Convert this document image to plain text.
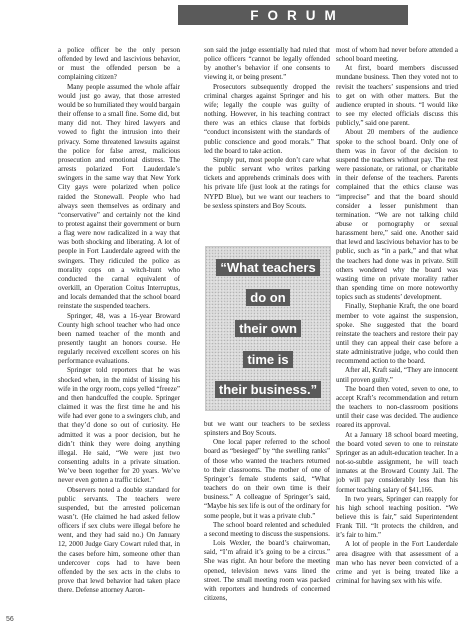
FORUM

a police officer be the only person offended by lewd and lascivious behavior, or must the offended person be a complaining citizen?

Many people assumed the whole affair would just go away, that those arrested would be so humiliated they would bargain their offense to a small fine. Some did, but many did not. They hired lawyers and vowed to fight the intrusion into their privacy. Some threatened lawsuits against the police for false arrest, malicious prosecution and emotional distress. The arrests polarized Fort Lauderdale’s swingers in the same way that New York City gays were polarized when police raided the Stonewall. People who had always seen themselves as ordinary and “conservative” and certainly not the kind to protest against their government or burn a flag were now radicalized in a way that was both shocking and liberating. A lot of people in Fort Lauderdale agreed with the swingers. They ridiculed the police as morality cops on a witch-hunt who conducted the carnal equivalent of overkill, an Operation Coitus Interruptus, and locals demanded that the school board reinstate the suspended teachers.

Springer, 48, was a 16-year Broward County high school teacher who had once been named teacher of the month and presently taught an honors course. He regularly received excellent scores on his performance evaluations.

Springer told reporters that he was shocked when, in the midst of kissing his wife in the orgy room, cops yelled “freeze” and then handcuffed the couple. Springer claimed it was the first time he and his wife had ever gone to a swingers club, and that they’d done so out of curiosity. He admitted it was a poor decision, but he didn’t think they were doing anything illegal. He said, “We were just two consenting adults in a private situation. We’ve been together for 20 years. We’ve never even gotten a traffic ticket.”

Observers noted a double standard for public servants. The teachers were suspended, but the arrested policeman wasn’t. (He claimed he had asked fellow officers if sex clubs were illegal before he went, and they had said no.) On January 12, 2000 Judge Gary Cowart ruled that, in the cases before him, someone other than undercover cops had to have been offended by the sex acts in the clubs to prove that lewd behavior had taken place there. Defense attorney Aaron-

son said the judge essentially had ruled that police officers “cannot be legally offended by another’s behavior if one consents to viewing it, or being present.”

Prosecutors subsequently dropped the criminal charges against Springer and his wife; legally the couple was guilty of nothing. However, in his teaching contract there was an ethics clause that forbids “conduct inconsistent with the standards of public conscience and good morals.” That led the board to take action.

Simply put, most people don’t care what the public servant who writes parking tickets and apprehends criminals does with his private life (just look at the ratings for NYPD Blue), but we want our teachers to be sexless spinsters and Boy Scouts.

“What teachers
do on
their own
time is
their business.”

but we want our teachers to be sexless spinsters and Boy Scouts.

One local paper referred to the school board as “besieged” by “the swelling ranks” of those who wanted the teachers returned to their classrooms. The mother of one of Springer’s female students said, “What teachers do on their own time is their business.” A colleague of Springer’s said, “Maybe his sex life is out of the ordinary for some people, but it was a private club.”

The school board relented and scheduled a second meeting to discuss the suspensions.

Lois Wexler, the board’s chairwoman, said, “I’m afraid it’s going to be a circus.” She was right. An hour before the meeting opened, television news vans lined the street. The small meeting room was packed with reporters and hundreds of concerned citizens,

most of whom had never before attended a school board meeting.

At first, board members discussed mundane business. Then they voted not to revisit the teachers’ suspensions and tried to get on with other matters. But the audience erupted in shouts. “I would like to see my elected officials discuss this publicly,” said one parent.

About 20 members of the audience spoke to the school board. Only one of them was in favor of the decision to suspend the teachers without pay. The rest were passionate, or rational, or charitable in their defense of the teachers. Parents complained that the ethics clause was “imprecise” and that the board should consider a lesser punishment than termination. “We are not talking child abuse or pornography or sexual harassment here,” said one. Another said that lewd and lascivious behavior has to be public, such as “in a park,” and that what the teachers had done was in private. Still others wondered why the board was wasting time on private morality rather than spending time on more noteworthy topics such as students’ development.

Finally, Stephanie Kraft, the one board member to vote against the suspension, spoke. She suggested that the board reinstate the teachers and restore their pay until they can appeal their case before a state administrative judge, who could then recommend action to the board.

After all, Kraft said, “They are innocent until proven guilty.”

The board then voted, seven to one, to accept Kraft’s recommendation and return the teachers to non-classroom positions until their case was decided. The audience roared its approval.

At a January 18 school board meeting, the board voted seven to one to reinstate Springer as an adult-education teacher. In a not-so-subtle assignment, he will teach inmates at the Broward County Jail. The job will pay considerably less than his former teaching salary of $41,166.

In two years, Springer can reapply for his high school teaching position. “We believe this is fair,” said Superintendent Frank Till. “It protects the children, and it’s fair to him.”

A lot of people in the Fort Lauderdale area disagree with that assessment of a man who has never been convicted of a crime and yet is being treated like a criminal for having sex with his wife.

56
